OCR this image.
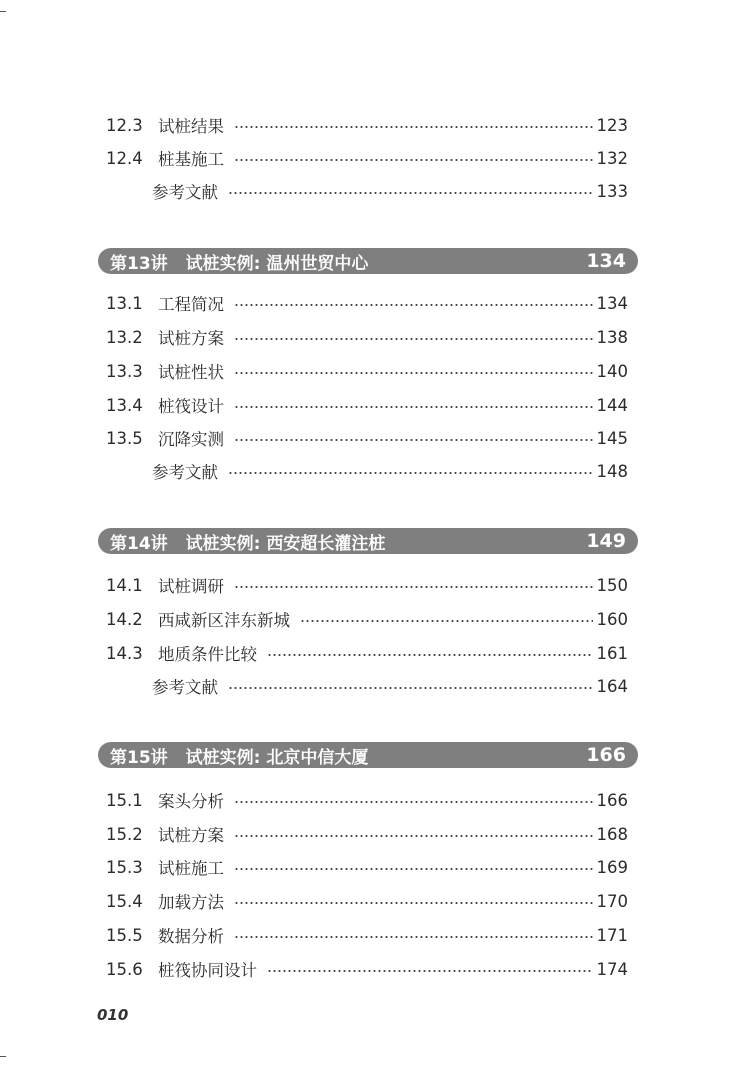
12.3 试桩结果	123
12.4 桩基施工	132
参考文献	133
第13讲 试桩实例: 温州世贸中心	134
13.1 工程简况	134
13.2 试桩方案	138
13.3 试桩性状	140
13.4 桩筏设计	144
13.5 沉降实测	145
参考文献	148
第14讲 试桩实例: 西安超长灌注桩	149
14.1 试桩调研	150
14.2 西咸新区沣东新城	160
14.3 地质条件比较	161
参考文献	164
第15讲 试桩实例: 北京中信大厦	166
15.1 案头分析	166
15.2 试桩方案	168
15.3 试桩施工	169
15.4 加载方法	170
15.5 数据分析	171
15.6 桩筏协同设计	174
010
